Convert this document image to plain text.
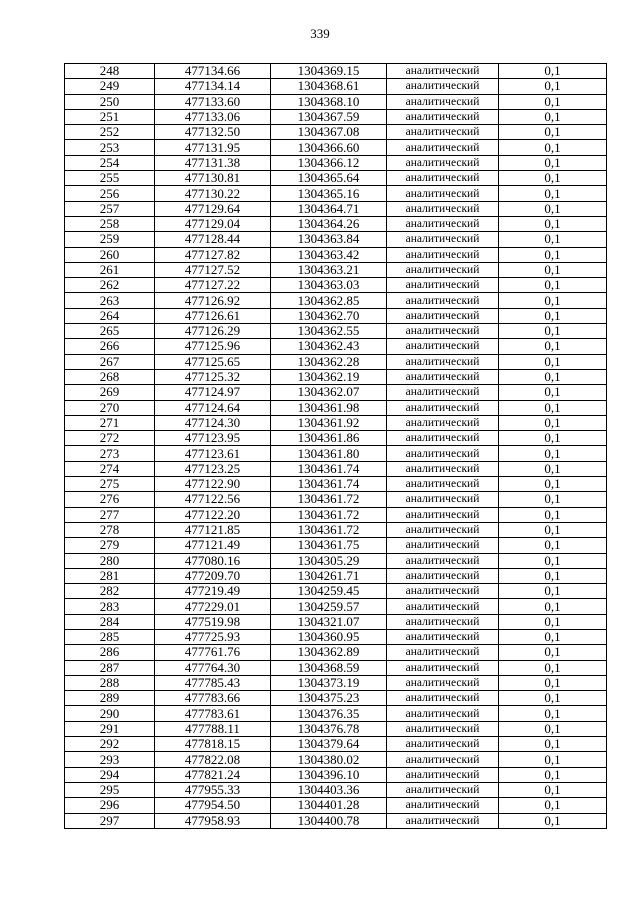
339
248	477134.66	1304369.15	аналитический	0,1
249	477134.14	1304368.61	аналитический	0,1
250	477133.60	1304368.10	аналитический	0,1
251	477133.06	1304367.59	аналитический	0,1
252	477132.50	1304367.08	аналитический	0,1
253	477131.95	1304366.60	аналитический	0,1
254	477131.38	1304366.12	аналитический	0,1
255	477130.81	1304365.64	аналитический	0,1
256	477130.22	1304365.16	аналитический	0,1
257	477129.64	1304364.71	аналитический	0,1
258	477129.04	1304364.26	аналитический	0,1
259	477128.44	1304363.84	аналитический	0,1
260	477127.82	1304363.42	аналитический	0,1
261	477127.52	1304363.21	аналитический	0,1
262	477127.22	1304363.03	аналитический	0,1
263	477126.92	1304362.85	аналитический	0,1
264	477126.61	1304362.70	аналитический	0,1
265	477126.29	1304362.55	аналитический	0,1
266	477125.96	1304362.43	аналитический	0,1
267	477125.65	1304362.28	аналитический	0,1
268	477125.32	1304362.19	аналитический	0,1
269	477124.97	1304362.07	аналитический	0,1
270	477124.64	1304361.98	аналитический	0,1
271	477124.30	1304361.92	аналитический	0,1
272	477123.95	1304361.86	аналитический	0,1
273	477123.61	1304361.80	аналитический	0,1
274	477123.25	1304361.74	аналитический	0,1
275	477122.90	1304361.74	аналитический	0,1
276	477122.56	1304361.72	аналитический	0,1
277	477122.20	1304361.72	аналитический	0,1
278	477121.85	1304361.72	аналитический	0,1
279	477121.49	1304361.75	аналитический	0,1
280	477080.16	1304305.29	аналитический	0,1
281	477209.70	1304261.71	аналитический	0,1
282	477219.49	1304259.45	аналитический	0,1
283	477229.01	1304259.57	аналитический	0,1
284	477519.98	1304321.07	аналитический	0,1
285	477725.93	1304360.95	аналитический	0,1
286	477761.76	1304362.89	аналитический	0,1
287	477764.30	1304368.59	аналитический	0,1
288	477785.43	1304373.19	аналитический	0,1
289	477783.66	1304375.23	аналитический	0,1
290	477783.61	1304376.35	аналитический	0,1
291	477788.11	1304376.78	аналитический	0,1
292	477818.15	1304379.64	аналитический	0,1
293	477822.08	1304380.02	аналитический	0,1
294	477821.24	1304396.10	аналитический	0,1
295	477955.33	1304403.36	аналитический	0,1
296	477954.50	1304401.28	аналитический	0,1
297	477958.93	1304400.78	аналитический	0,1
